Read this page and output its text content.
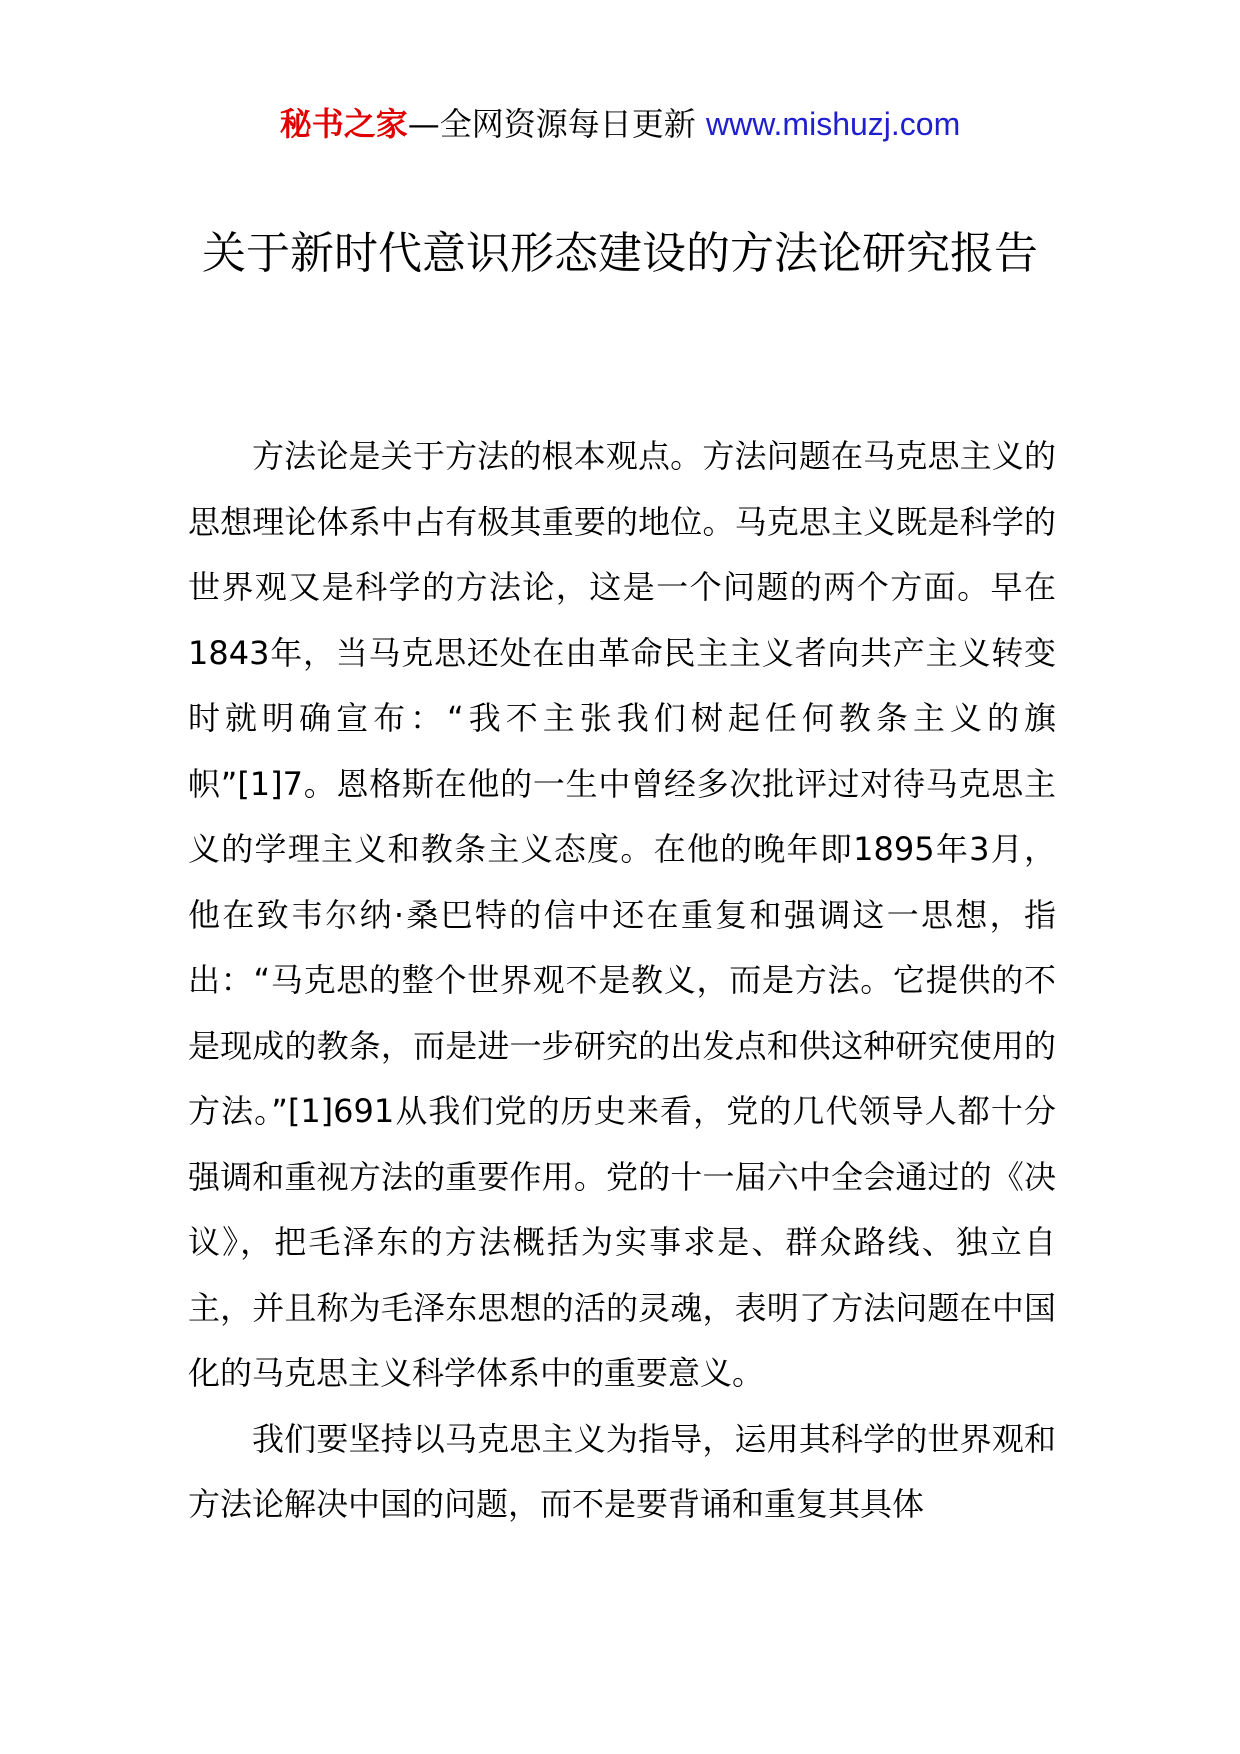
秘书之家—全网资源每日更新 www.mishuzj.com
关于新时代意识形态建设的方法论研究报告

方法论是关于方法的根本观点。方法问题在马克思主义的思想理论体系中占有极其重要的地位。马克思主义既是科学的世界观又是科学的方法论，这是一个问题的两个方面。早在1843年，当马克思还处在由革命民主主义者向共产主义转变时就明确宣布：“我不主张我们树起任何教条主义的旗帜”[1]7。恩格斯在他的一生中曾经多次批评过对待马克思主义的学理主义和教条主义态度。在他的晚年即1895年3月，他在致韦尔纳·桑巴特的信中还在重复和强调这一思想，指出：“马克思的整个世界观不是教义，而是方法。它提供的不是现成的教条，而是进一步研究的出发点和供这种研究使用的方法。”[1]691从我们党的历史来看，党的几代领导人都十分强调和重视方法的重要作用。党的十一届六中全会通过的《决议》，把毛泽东的方法概括为实事求是、群众路线、独立自主，并且称为毛泽东思想的活的灵魂，表明了方法问题在中国化的马克思主义科学体系中的重要意义。

我们要坚持以马克思主义为指导，运用其科学的世界观和方法论解决中国的问题，而不是要背诵和重复其具体
